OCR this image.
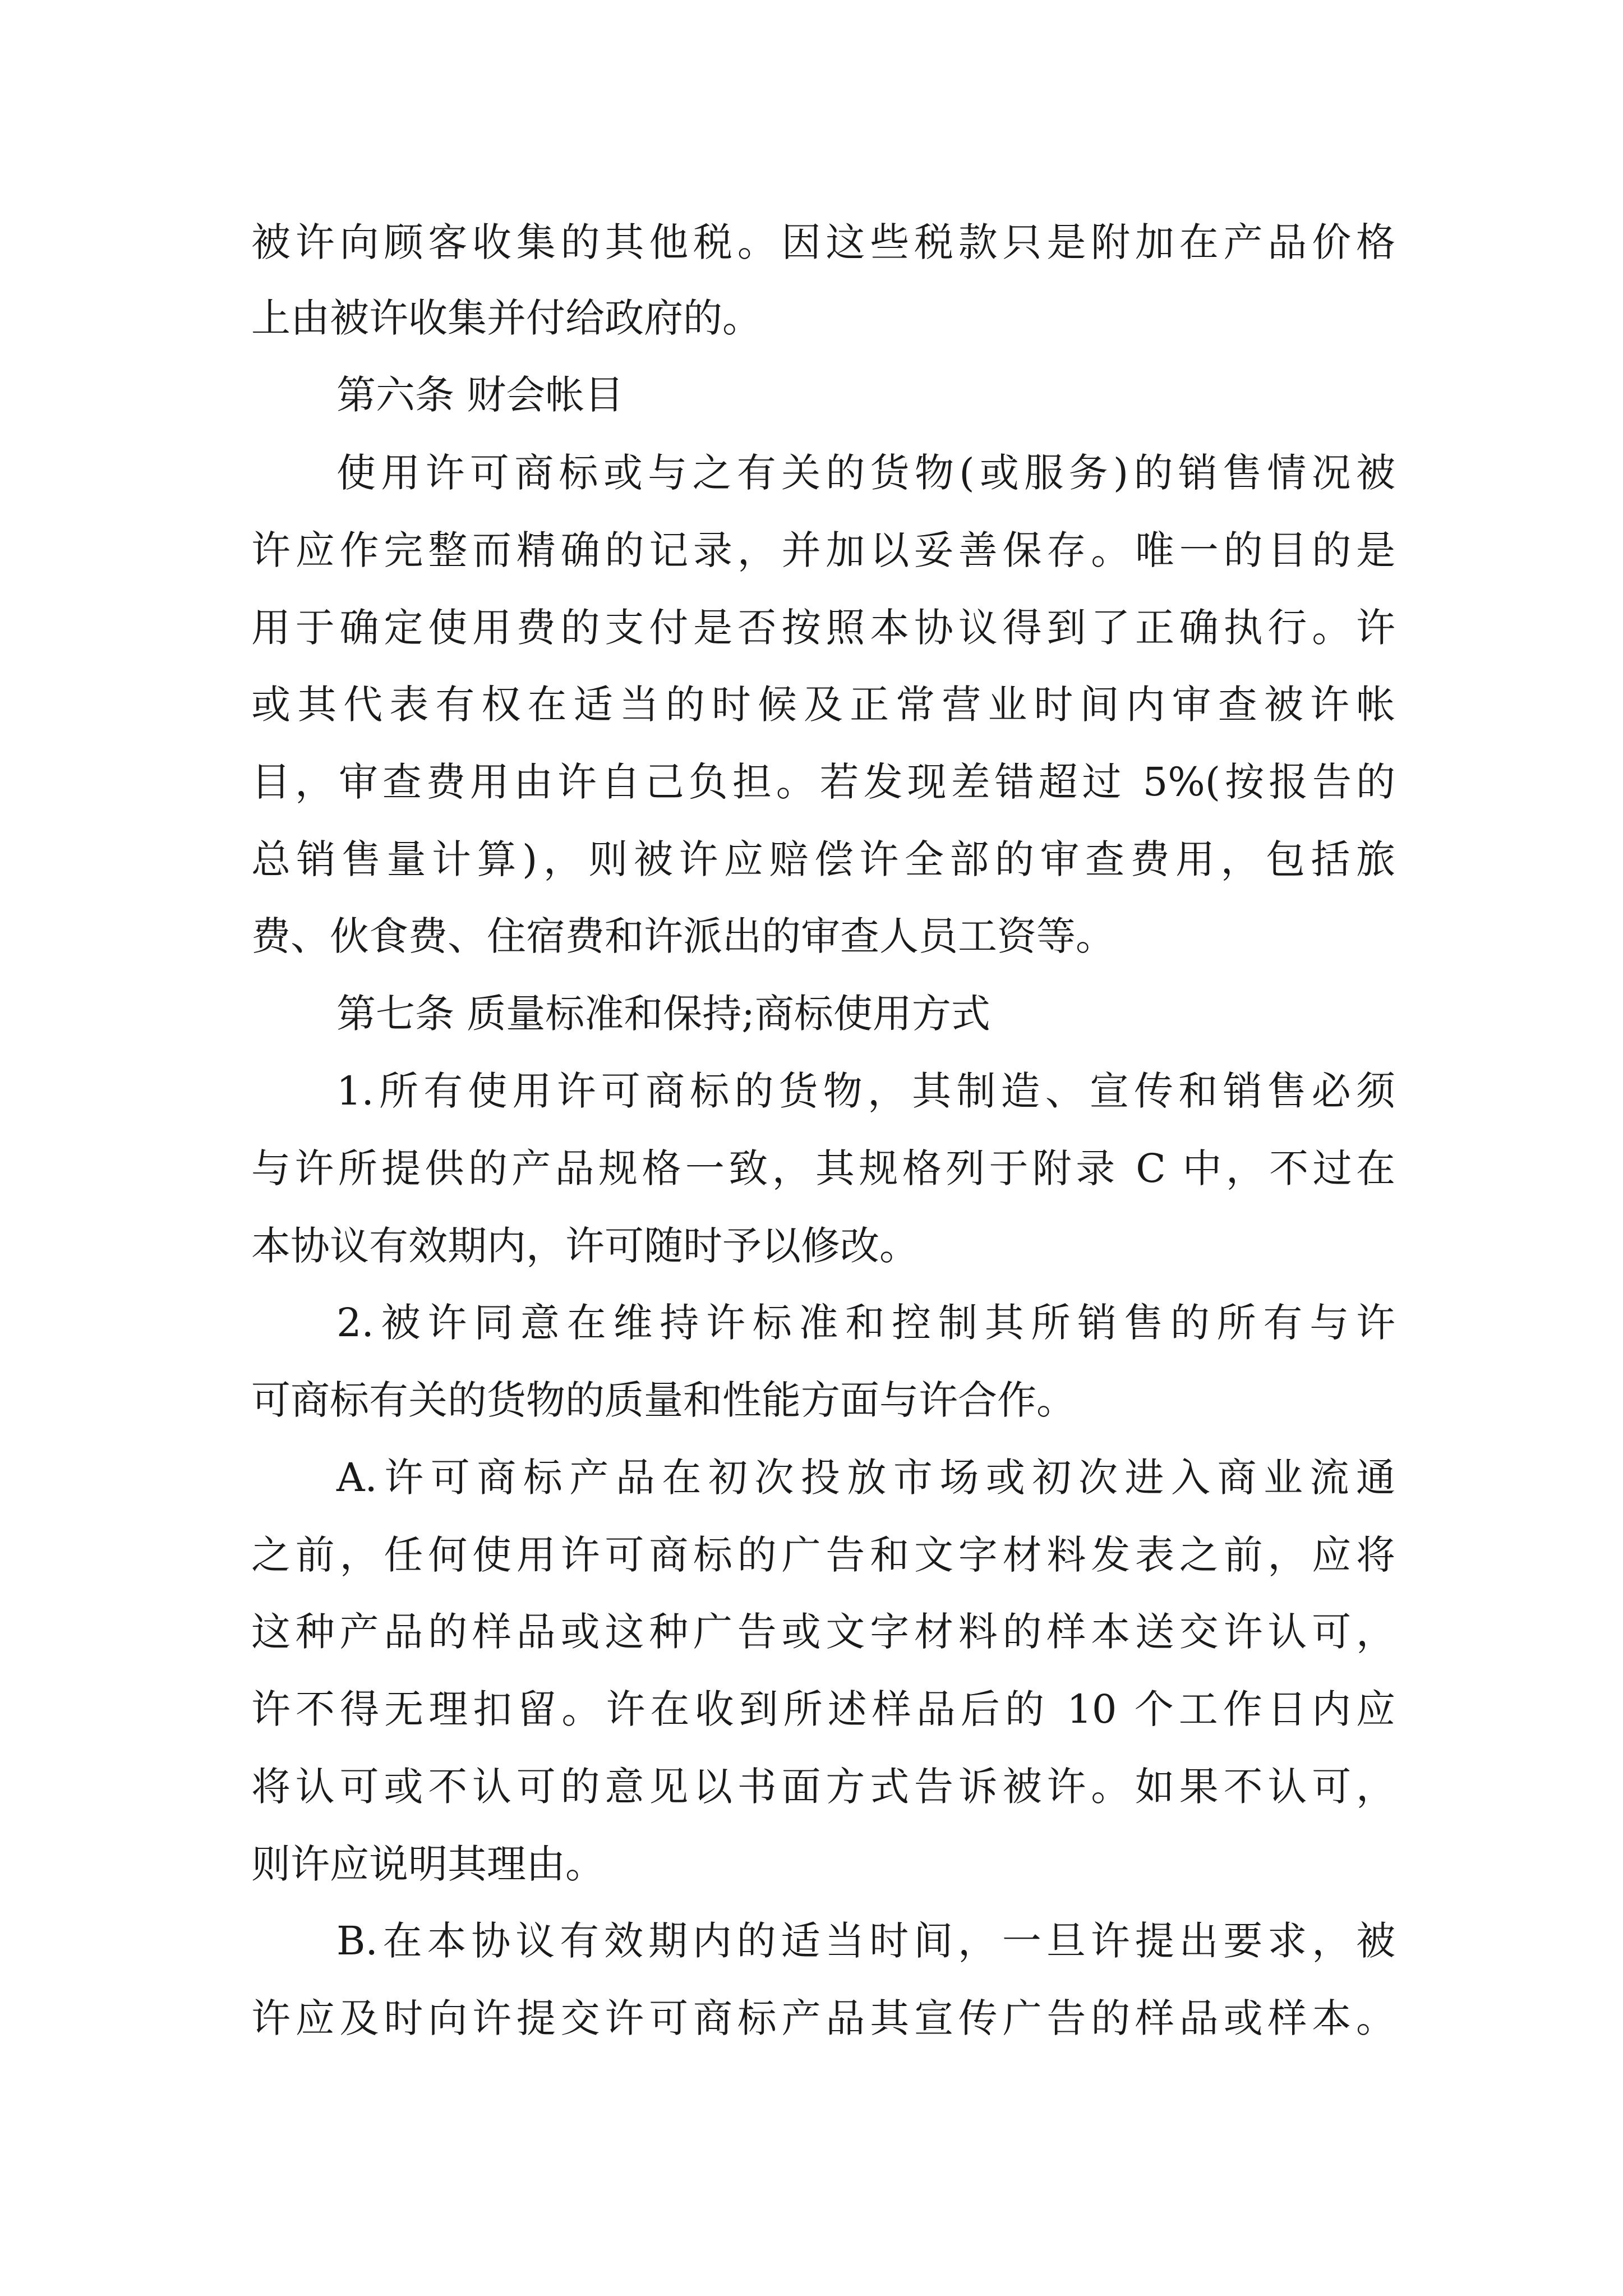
被许向顾客收集的其他税。因这些税款只是附加在产品价格
上由被许收集并付给政府的。
第六条 财会帐目
使用许可商标或与之有关的货物(或服务)的销售情况被
许应作完整而精确的记录，并加以妥善保存。唯一的目的是
用于确定使用费的支付是否按照本协议得到了正确执行。许
或其代表有权在适当的时候及正常营业时间内审查被许帐
目，审查费用由许自己负担。若发现差错超过 5%(按报告的
总销售量计算)，则被许应赔偿许全部的审查费用，包括旅
费、伙食费、住宿费和许派出的审查人员工资等。
第七条 质量标准和保持;商标使用方式
1.所有使用许可商标的货物，其制造、宣传和销售必须
与许所提供的产品规格一致，其规格列于附录 C 中，不过在
本协议有效期内，许可随时予以修改。
2.被许同意在维持许标准和控制其所销售的所有与许
可商标有关的货物的质量和性能方面与许合作。
A.许可商标产品在初次投放市场或初次进入商业流通
之前，任何使用许可商标的广告和文字材料发表之前，应将
这种产品的样品或这种广告或文字材料的样本送交许认可，
许不得无理扣留。许在收到所述样品后的 10 个工作日内应
将认可或不认可的意见以书面方式告诉被许。如果不认可，
则许应说明其理由。
B.在本协议有效期内的适当时间，一旦许提出要求，被
许应及时向许提交许可商标产品其宣传广告的样品或样本。
